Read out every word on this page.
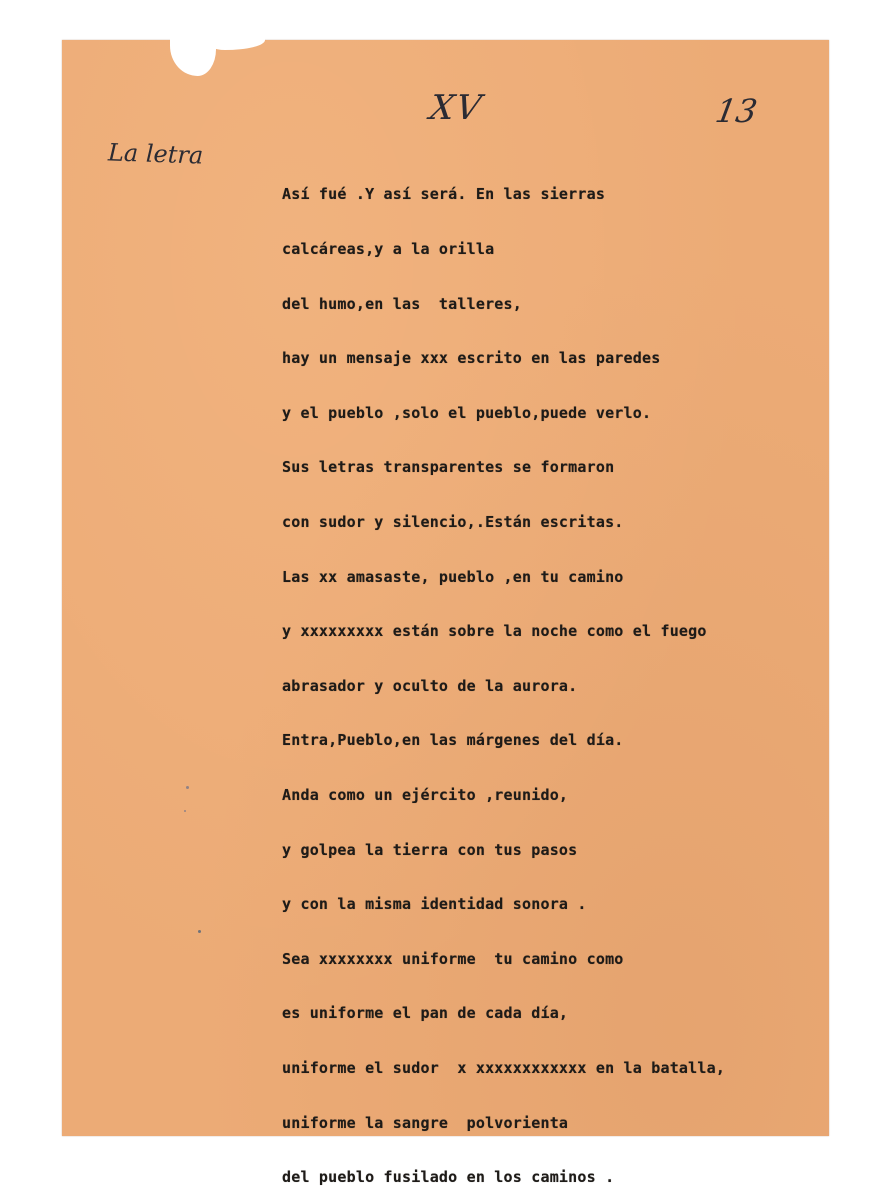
XV	13
La letra

Así fué .Y así será. En las sierras

calcáreas,y a la orilla

del humo,en las  talleres,

hay un mensaje xxx escrito en las paredes

y el pueblo ,solo el pueblo,puede verlo.

Sus letras transparentes se formaron

con sudor y silencio,.Están escritas.

Las xx amasaste, pueblo ,en tu camino

y xxxxxxxxx están sobre la noche como el fuego

abrasador y oculto de la aurora.

Entra,Pueblo,en las márgenes del día.

Anda como un ejército ,reunido,

y golpea la tierra con tus pasos

y con la misma identidad sonora .

Sea xxxxxxxx uniforme  tu camino como

es uniforme el pan de cada día,

uniforme el sudor  x xxxxxxxxxxxx en la batalla,

uniforme la sangre  polvorienta

del pueblo fusilado en los caminos .
